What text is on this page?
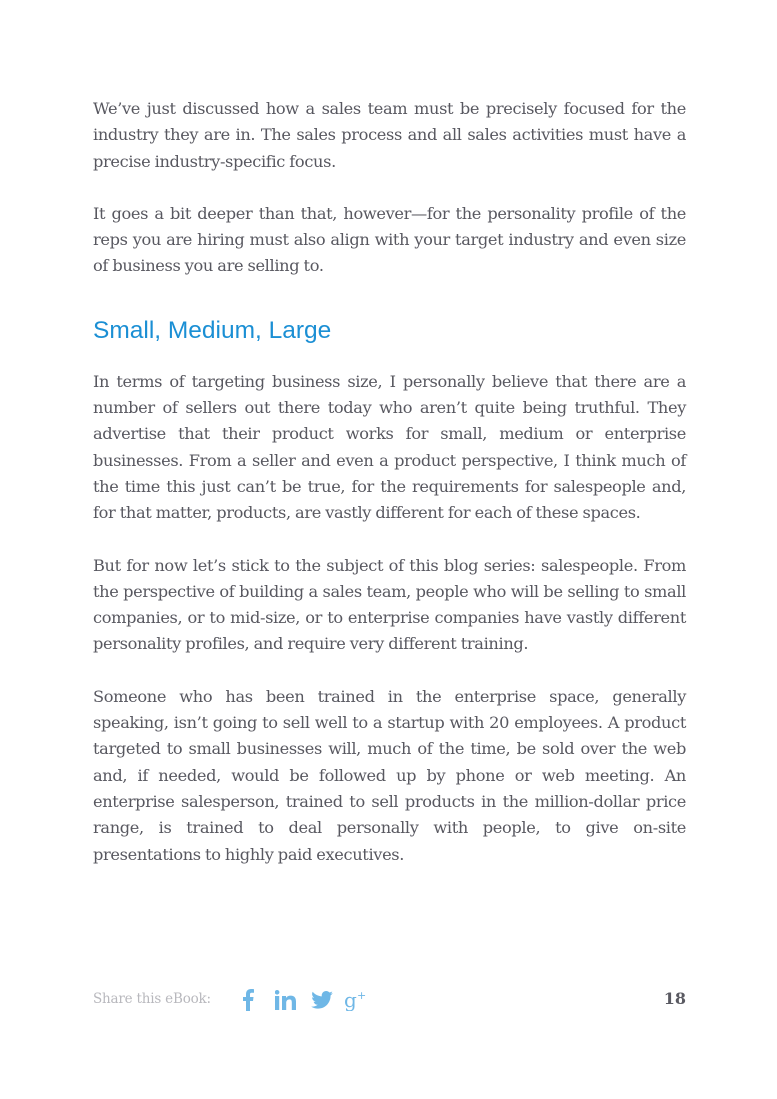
We’ve just discussed how a sales team must be precisely focused for the industry they are in. The sales process and all sales activities must have a precise industry-specific focus.

It goes a bit deeper than that, however—for the personality profile of the reps you are hiring must also align with your target industry and even size of business you are selling to.

Small, Medium, Large

In terms of targeting business size, I personally believe that there are a number of sellers out there today who aren’t quite being truthful. They advertise that their product works for small, medium or enterprise businesses. From a seller and even a product perspective, I think much of the time this just can’t be true, for the requirements for salespeople and, for that matter, products, are vastly different for each of these spaces.

But for now let’s stick to the subject of this blog series: salespeople. From the perspective of building a sales team, people who will be selling to small companies, or to mid-size, or to enterprise companies have vastly different personality profiles, and require very different training.

Someone who has been trained in the enterprise space, generally speaking, isn’t going to sell well to a startup with 20 employees. A product targeted to small businesses will, much of the time, be sold over the web and, if needed, would be followed up by phone or web meeting. An enterprise salesperson, trained to sell products in the million-dollar price range, is trained to deal personally with people, to give on-site presentations to highly paid executives.

Share this eBook:	g +	18
